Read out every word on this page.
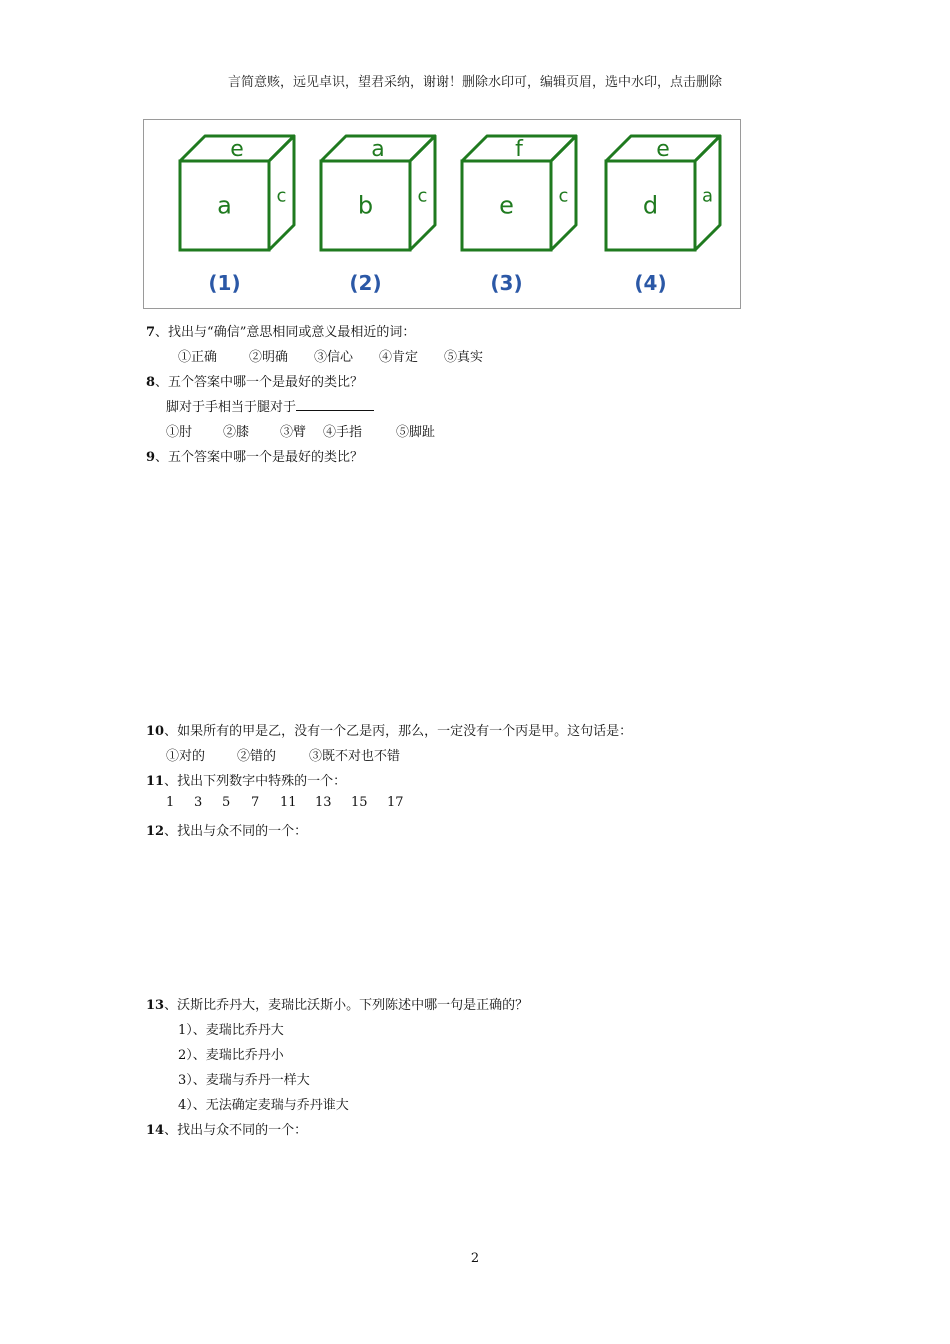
言简意赅，远见卓识，望君采纳，谢谢！删除水印可，编辑页眉，选中水印，点击删除
e
a c
(1)
a
b c
(2)
f
e c
(3)
e
d a
(4)
7、找出与“确信”意思相同或意义最相近的词：
①正确 ②明确 ③信心 ④肯定 ⑤真实
8、五个答案中哪一个是最好的类比？
脚对于手相当于腿对于
①肘 ②膝 ③臂 ④手指	⑤脚趾
9、五个答案中哪一个是最好的类比？
10、如果所有的甲是乙，没有一个乙是丙，那么，一定没有一个丙是甲。这句话是：
①对的 ②错的	③既不对也不错
11、找出下列数字中特殊的一个：
1 3 5 7 11 13 15 17
12、找出与众不同的一个：
13、沃斯比乔丹大，麦瑞比沃斯小。下列陈述中哪一句是正确的？
1）、麦瑞比乔丹大
2）、麦瑞比乔丹小
3）、麦瑞与乔丹一样大
4）、无法确定麦瑞与乔丹谁大
14、找出与众不同的一个：
2
